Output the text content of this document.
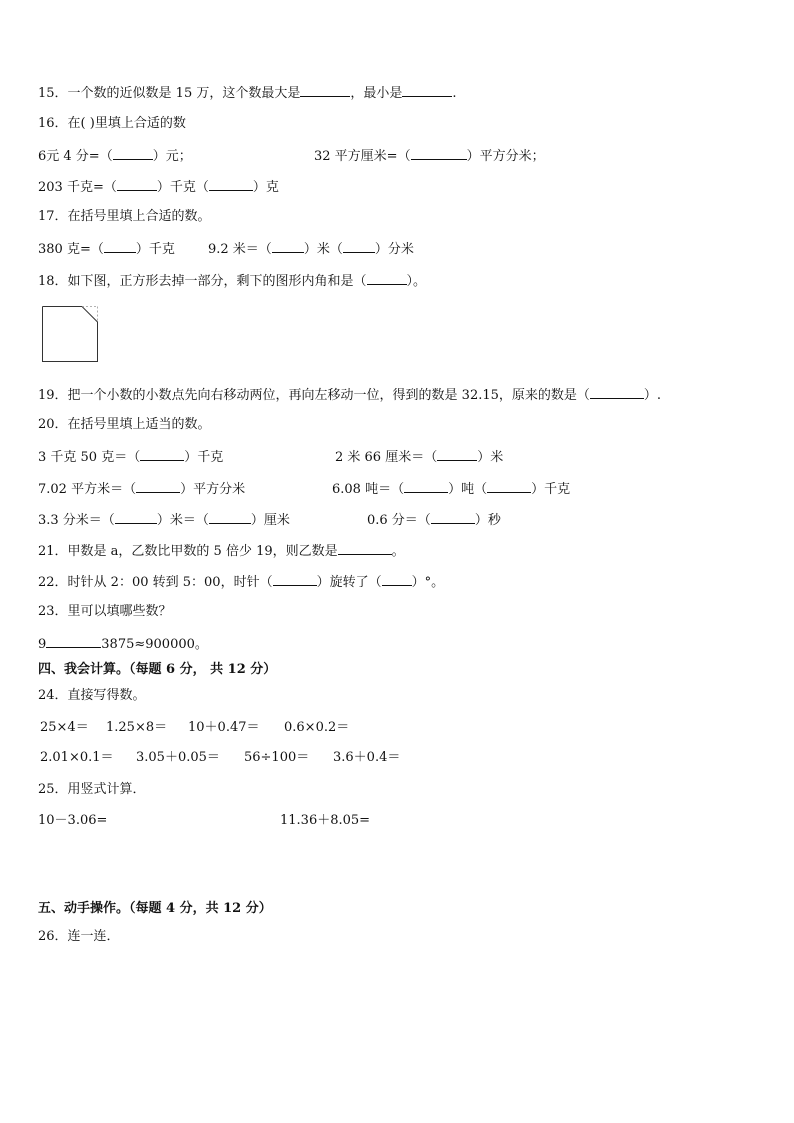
15．一个数的近似数是 15 万，这个数最大是	，最小是	.
16．在( )里填上合适的数
6元 4 分=（	）元；	32 平方厘米=（	）平方分米；
203 千克=（	）千克（	）克
17．在括号里填上合适的数。
380 克=（ ）千克	9.2 米＝（ ）米（ ）分米
18．如下图，正方形去掉一部分，剩下的图形内角和是（	）。
19．把一个小数的小数点先向右移动两位，再向左移动一位，得到的数是 32.15，原来的数是（	）.
20．在括号里填上适当的数。
3 千克 50 克＝（	）千克	2 米 66 厘米＝（	）米
7.02 平方米＝（	）平方分米	6.08 吨＝（	）吨（	）千克
3.3 分米＝（	）米＝（	）厘米	0.6 分＝（	）秒
21．甲数是 a，乙数比甲数的 5 倍少 19，则乙数是	。
22．时针从 2：00 转到 5：00，时针（	）旋转了（ ）°。
23．里可以填哪些数？
9	3875≈900000。
四、我会计算。（每题 6 分， 共 12 分）
24．直接写得数。
25×4＝ 1.25×8＝ 10＋0.47＝ 0.6×0.2＝
2.01×0.1＝ 3.05＋0.05＝ 56÷100＝ 3.6＋0.4＝
25．用竖式计算．
10－3.06=	11.36＋8.05=
五、动手操作。（每题 4 分，共 12 分）
26．连一连．
